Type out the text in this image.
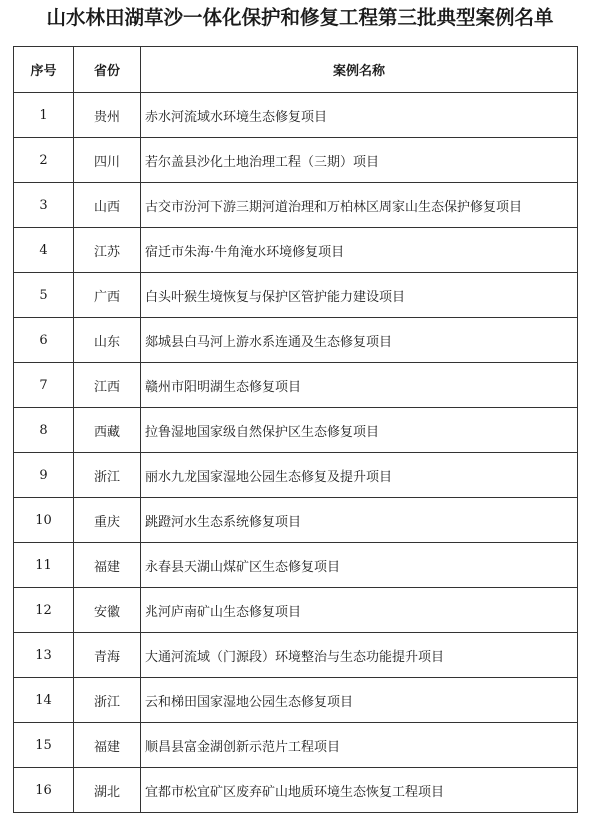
山水林田湖草沙一体化保护和修复工程第三批典型案例名单
序号	省份	案例名称
1	贵州	赤水河流域水环境生态修复项目
2	四川	若尔盖县沙化土地治理工程（三期）项目
3	山西	古交市汾河下游三期河道治理和万柏林区周家山生态保护修复项目
4	江苏	宿迁市朱海·牛角淹水环境修复项目
5	广西	白头叶猴生境恢复与保护区管护能力建设项目
6	山东	郯城县白马河上游水系连通及生态修复项目
7	江西	赣州市阳明湖生态修复项目
8	西藏	拉鲁湿地国家级自然保护区生态修复项目
9	浙江	丽水九龙国家湿地公园生态修复及提升项目
10	重庆	跳蹬河水生态系统修复项目
11	福建	永春县天湖山煤矿区生态修复项目
12	安徽	兆河庐南矿山生态修复项目
13	青海	大通河流域（门源段）环境整治与生态功能提升项目
14	浙江	云和梯田国家湿地公园生态修复项目
15	福建	顺昌县富金湖创新示范片工程项目
16	湖北	宜都市松宜矿区废弃矿山地质环境生态恢复工程项目
